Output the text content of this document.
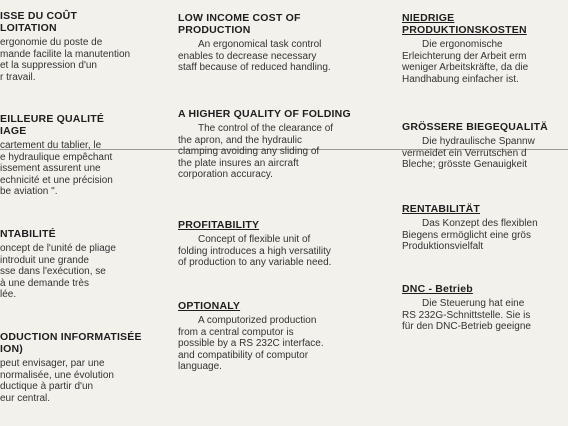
ISSE DU COÛT
LOITATION

ergonomie du poste de
mande facilite la manutention
et la suppression d'un
r travail.

EILLEURE QUALITÉ
IAGE

cartement du tablier, le
e hydraulique empêchant
issement assurent une
echnicité et une précision
be aviation ".

NTABILITÉ

oncept de l'unité de pliage
introduit une grande
sse dans l'exécution, se
à une demande très
lée.

ODUCTION INFORMATISÉE
ION)

peut envisager, par une
normalisée, une évolution
ductique à partir d'un
eur central.

LOW INCOME COST OF
PRODUCTION

An ergonomical task control
enables to decrease necessary
staff because of reduced handling.

A HIGHER QUALITY OF FOLDING

The control of the clearance of
the apron, and the hydraulic
clamping avoiding any sliding of
the plate insures an aircraft
corporation accuracy.

PROFITABILITY

Concept of flexible unit of
folding introduces a high versatility
of production to any variable need.

OPTIONALY

A computorized production
from a central computor is
possible by a RS 232C interface.
and compatibility of computor
language.

NIEDRIGE
PRODUKTIONSKOSTEN

Die ergonomische
Erleichterung der Arbeit erm
weniger Arbeitskräfte, da die
Handhabung einfacher ist.

GRÖSSERE BIEGEQUALITÄ

Die hydraulische Spannw
vermeidet ein Verrutschen d
Bleche; grösste Genauigkeit

RENTABILITÄT

Das Konzept des flexiblen
Biegens ermöglicht eine grös
Produktionsvielfalt

DNC - Betrieb

Die Steuerung hat eine
RS 232G-Schnittstelle. Sie is
für den DNC-Betrieb geeigne
